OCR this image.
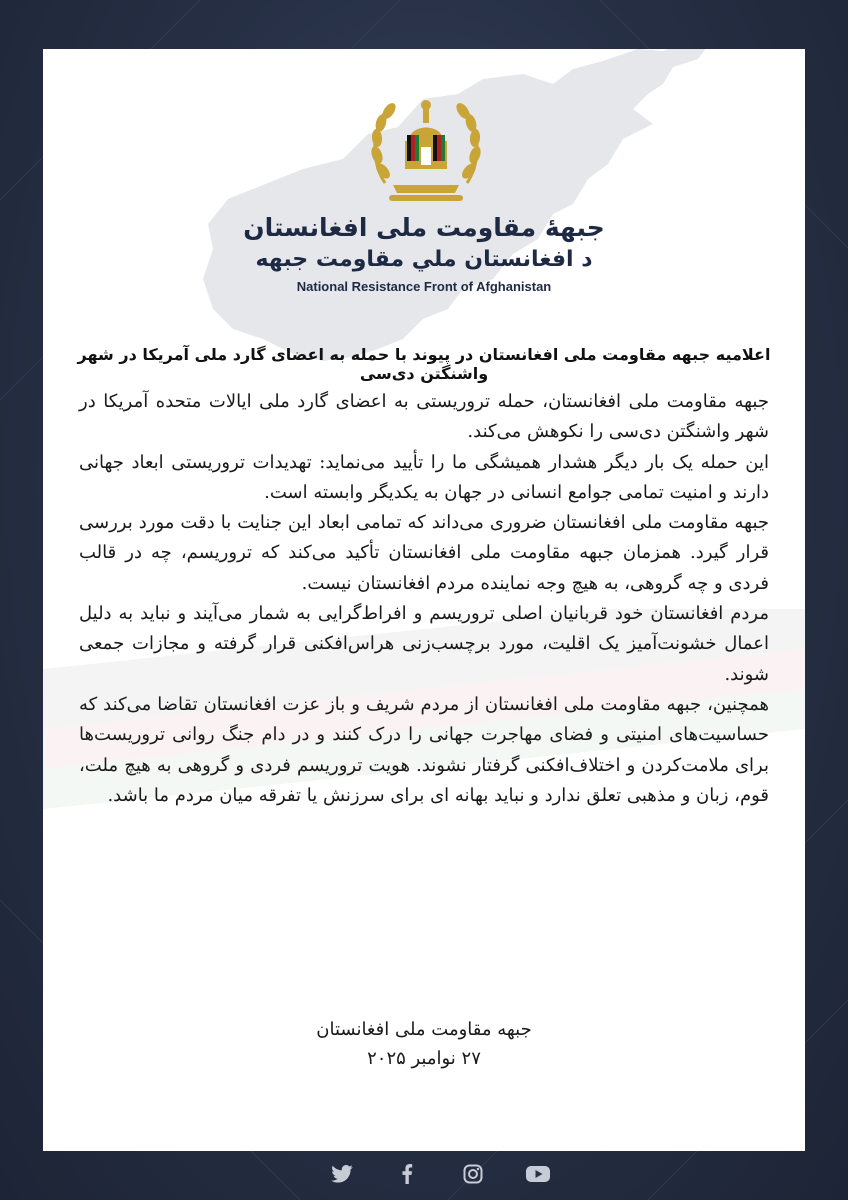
جبههٔ مقاومت ملی افغانستان
د افغانستان ملي مقاومت جبهه
National Resistance Front of Afghanistan
اعلامیه جبهه مقاومت ملی افغانستان در پیوند با حمله به اعضای گارد ملی آمریکا در شهر واشنگتن دی‌سی

جبهه مقاومت ملی افغانستان، حمله تروریستی به اعضای گارد ملی ایالات متحده آمریکا در شهر واشنگتن دی‌سی را نکوهش می‌کند.

این حمله یک بار دیگر هشدار همیشگی ما را تأیید می‌نماید: تهدیدات تروریستی ابعاد جهانی دارند و امنیت تمامی جوامع انسانی در جهان به یکدیگر وابسته است.

جبهه مقاومت ملی افغانستان ضروری می‌داند که تمامی ابعاد این جنایت با دقت مورد بررسی قرار گیرد. همزمان جبهه مقاومت ملی افغانستان تأکید می‌کند که تروریسم، چه در قالب فردی و چه گروهی، به هیچ وجه نماینده مردم افغانستان نیست.

مردم افغانستان خود قربانیان اصلی تروریسم و افراط‌گرایی به شمار می‌آیند و نباید به دلیل اعمال خشونت‌آمیز یک اقلیت، مورد برچسب‌زنی هراس‌افکنی قرار گرفته و مجازات جمعی شوند.

همچنین، جبهه مقاومت ملی افغانستان از مردم شریف و باز عزت افغانستان تقاضا می‌کند که حساسیت‌های امنیتی و فضای مهاجرت جهانی را درک کنند و در دام جنگ روانی تروریست‌ها برای ملامت‌کردن و اختلاف‌افکنی گرفتار نشوند. هویت تروریسم فردی و گروهی به هیچ ملت، قوم، زبان و مذهبی تعلق ندارد و نباید بهانه ای برای سرزنش یا تفرقه میان مردم ما باشد.

جبهه مقاومت ملی افغانستان
۲۷ نوامبر ۲۰۲۵
